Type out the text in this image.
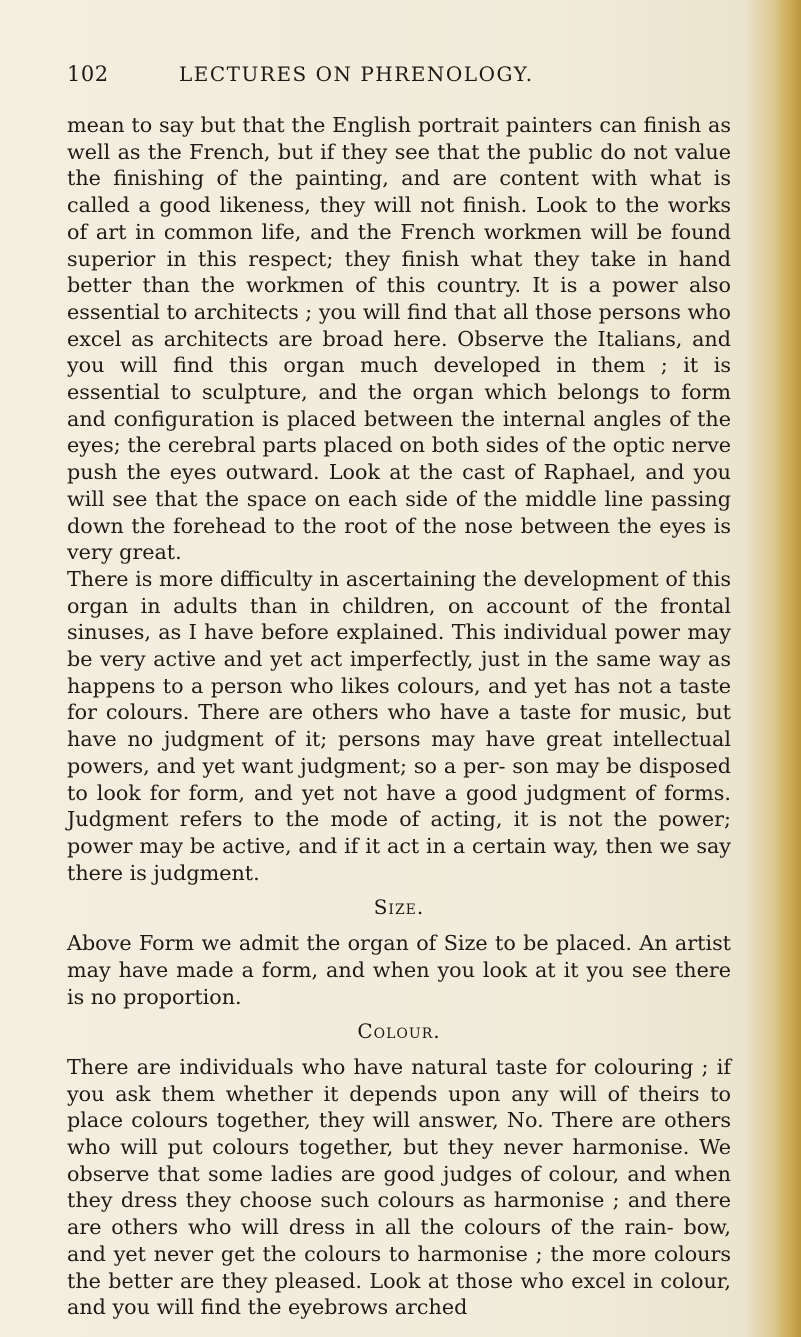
102	LECTURES ON PHRENOLOGY.

mean to say but that the English portrait painters can finish as well as the French, but if they see that the public do not value the finishing of the painting, and are content with what is called a good likeness, they will not finish. Look to the works of art in common life, and the French workmen will be found superior in this respect; they finish what they take in hand better than the workmen of this country. It is a power also essential to architects ; you will find that all those persons who excel as architects are broad here. Observe the Italians, and you will find this organ much developed in them ; it is essential to sculpture, and the organ which belongs to form and configuration is placed between the internal angles of the eyes; the cerebral parts placed on both sides of the optic nerve push the eyes outward. Look at the cast of Raphael, and you will see that the space on each side of the middle line passing down the forehead to the root of the nose between the eyes is very great.

There is more difficulty in ascertaining the development of this organ in adults than in children, on account of the frontal sinuses, as I have before explained. This individual power may be very active and yet act imperfectly, just in the same way as happens to a person who likes colours, and yet has not a taste for colours. There are others who have a taste for music, but have no judgment of it; persons may have great intellectual powers, and yet want judgment; so a per- son may be disposed to look for form, and yet not have a good judgment of forms. Judgment refers to the mode of acting, it is not the power; power may be active, and if it act in a certain way, then we say there is judgment.

Size.

Above Form we admit the organ of Size to be placed. An artist may have made a form, and when you look at it you see there is no proportion.

Colour.

There are individuals who have natural taste for colouring ; if you ask them whether it depends upon any will of theirs to place colours together, they will answer, No. There are others who will put colours together, but they never harmonise. We observe that some ladies are good judges of colour, and when they dress they choose such colours as harmonise ; and there are others who will dress in all the colours of the rain- bow, and yet never get the colours to harmonise ; the more colours the better are they pleased. Look at those who excel in colour, and you will find the eyebrows arched
